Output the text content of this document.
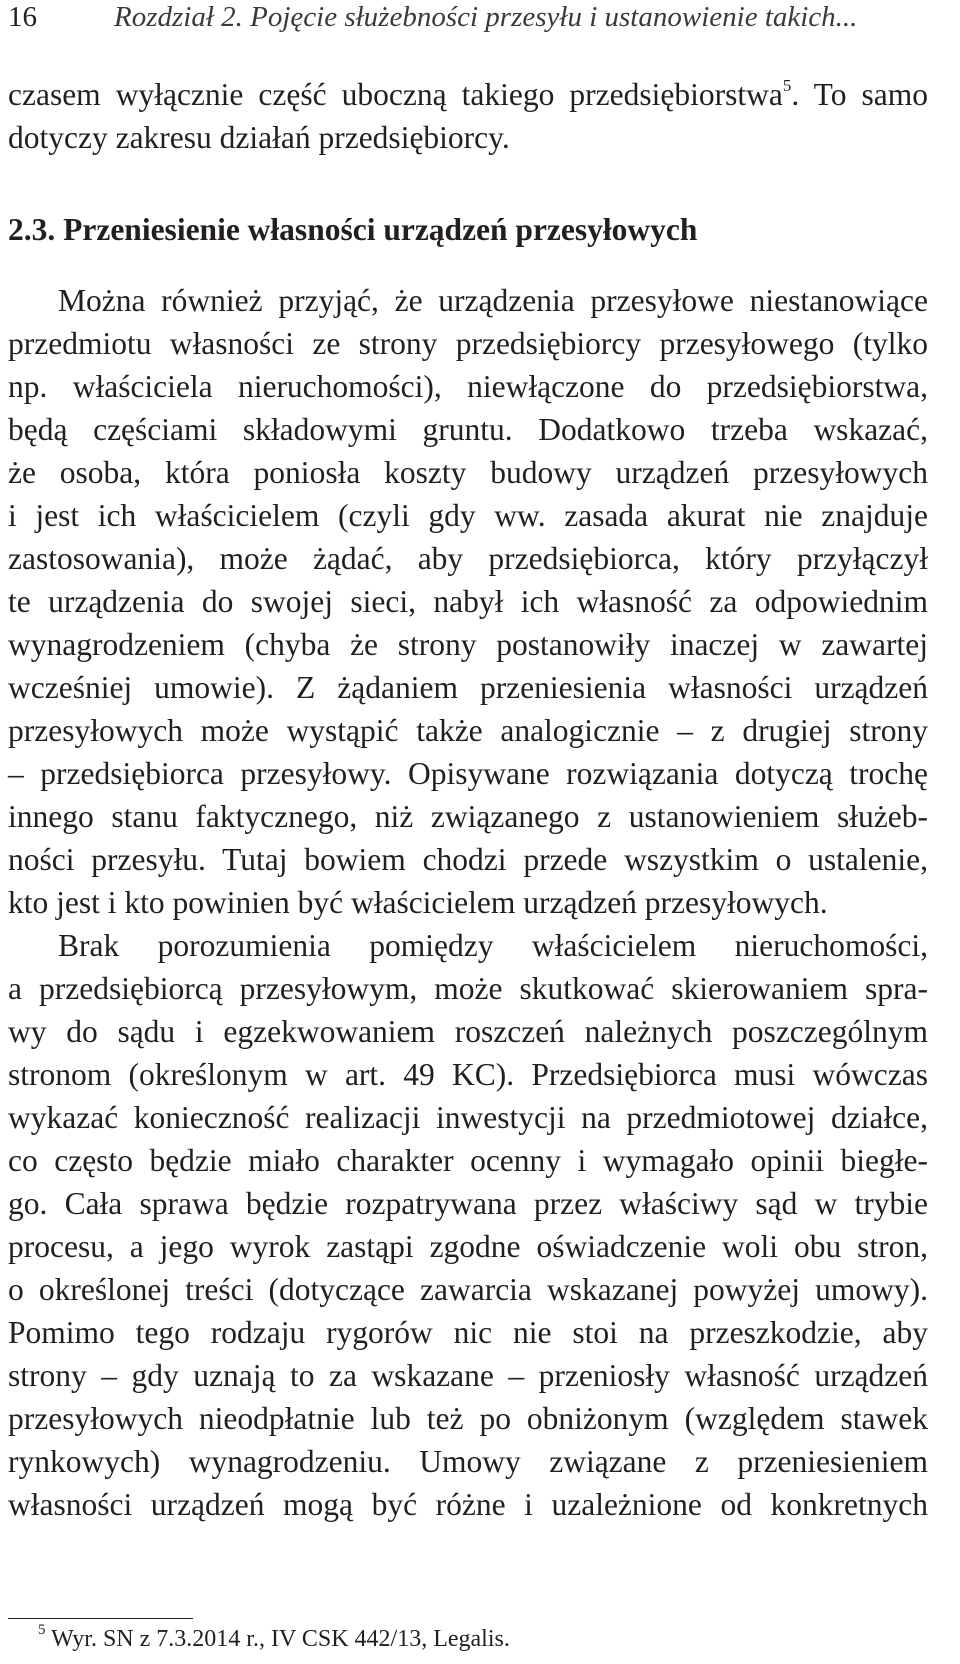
16	Rozdział 2. Pojęcie służebności przesyłu i ustanowienie takich...
czasem wyłącznie część uboczną takiego przedsiębiorstwa$^5$. To samo
dotyczy zakresu działań przedsiębiorcy.
2.3. Przeniesienie własności urządzeń przesyłowych
Można również przyjąć, że urządzenia przesyłowe niestanowiące
przedmiotu własności ze strony przedsiębiorcy przesyłowego (tylko
np. właściciela nieruchomości), niewłączone do przedsiębiorstwa,
będą częściami składowymi gruntu. Dodatkowo trzeba wskazać,
że osoba, która poniosła koszty budowy urządzeń przesyłowych
i jest ich właścicielem (czyli gdy ww. zasada akurat nie znajduje
zastosowania), może żądać, aby przedsiębiorca, który przyłączył
te urządzenia do swojej sieci, nabył ich własność za odpowiednim
wynagrodzeniem (chyba że strony postanowiły inaczej w zawartej
wcześniej umowie). Z żądaniem przeniesienia własności urządzeń
przesyłowych może wystąpić także analogicznie – z drugiej strony
– przedsiębiorca przesyłowy. Opisywane rozwiązania dotyczą trochę
innego stanu faktycznego, niż związanego z ustanowieniem służeb-
ności przesyłu. Tutaj bowiem chodzi przede wszystkim o ustalenie,
kto jest i kto powinien być właścicielem urządzeń przesyłowych.
Brak porozumienia pomiędzy właścicielem nieruchomości,
a przedsiębiorcą przesyłowym, może skutkować skierowaniem spra-
wy do sądu i egzekwowaniem roszczeń należnych poszczególnym
stronom (określonym w art. 49 KC). Przedsiębiorca musi wówczas
wykazać konieczność realizacji inwestycji na przedmiotowej działce,
co często będzie miało charakter ocenny i wymagało opinii biegłe-
go. Cała sprawa będzie rozpatrywana przez właściwy sąd w trybie
procesu, a jego wyrok zastąpi zgodne oświadczenie woli obu stron,
o określonej treści (dotyczące zawarcia wskazanej powyżej umowy).
Pomimo tego rodzaju rygorów nic nie stoi na przeszkodzie, aby
strony – gdy uznają to za wskazane – przeniosły własność urządzeń
przesyłowych nieodpłatnie lub też po obniżonym (względem stawek
rynkowych) wynagrodzeniu. Umowy związane z przeniesieniem
własności urządzeń mogą być różne i uzależnione od konkretnych
$^5$ Wyr. SN z 7.3.2014 r., IV CSK 442/13, Legalis.
